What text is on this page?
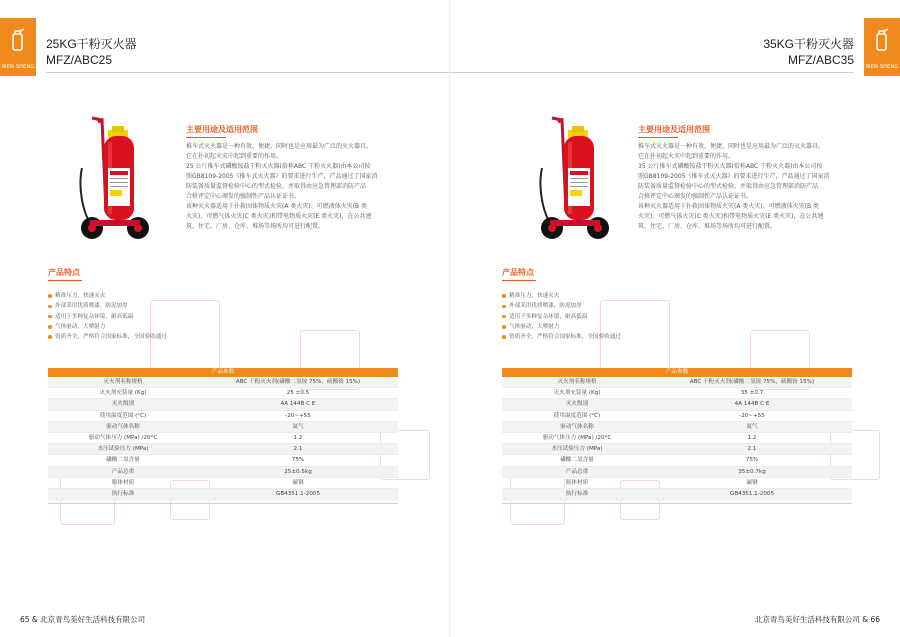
WEN SHENG
25KG干粉灭火器
MFZ/ABC25
主要用途及适用范围
推车式灭火器是一种有效、便捷，同时也是应用最为广泛的灭火器具。
它在扑初起火灾中起到重要的作用。
25 公斤推车式磷酸铵盐干粉灭火器(俗称ABC 干粉灭火器)由本公司按
照GB8109-2005《推车式灭火器》的要求进行生产，产品通过了国家消
防装备质量监督检验中心的型式检验，并取得由应急管理部消防产品
合格评定中心颁发的强制性产品认证证书。
该种灭火器适用于扑救固体物质火灾(A 类火灾)、可燃液体火灾(B 类
火灾)、可燃气体火灾(C 类火灾)和带电物质火灾(E 类火灾)，在公共建
筑、住宅、厂房、仓库、堆场等场所均可进行配置。
产品特点
精准压力，快速灭火
外部采用优质喷漆，防泥加厚
适用于多种复杂环境，耐高低温
气体驱动，大喷射力
资质齐全，严格符合国家标准，全国验收通过
产品参数	
灭火剂名称规格	ABC 干粉灭火剂(磷酸二氢铵 75%，硫酸铵 15%)
灭火剂充装量 (Kg)	25 ±0.5
灭火级别	4A 144B C E
使用温度范围 (°C)	-20~+55
驱动气体名称	氮气
驱动气体压力 (MPa) /20°C	1.2
水压试验压力 (MPa)	2.1
磷酸二氢含量	75%
产品总重	25±0.5kg
瓶体材质	碳钢
执行标准	GB4351.1-2005

65 & 北京青鸟美好生活科技有限公司
WEN SHENG
35KG干粉灭火器
MFZ/ABC35
主要用途及适用范围
推车式灭火器是一种有效、便捷，同时也是应用最为广泛的灭火器具。
它在扑初起火灾中起到重要的作用。
35 公斤推车式磷酸铵盐干粉灭火器(俗称ABC 干粉灭火器)由本公司按
照GB8109-2005《推车式灭火器》的要求进行生产，产品通过了国家消
防装备质量监督检验中心的型式检验，并取得由应急管理部消防产品
合格评定中心颁发的强制性产品认证证书。
该种灭火器适用于扑救固体物质火灾(A 类火灾)、可燃液体火灾(B 类
火灾)、可燃气体火灾(C 类火灾)和带电物质火灾(E 类火灾)，在公共建
筑、住宅、厂房、仓库、堆场等场所均可进行配置。
产品特点
精准压力，快速灭火
外部采用优质喷漆，防泥加厚
适用于多种复杂环境，耐高低温
气体驱动，大喷射力
资质齐全，严格符合国家标准，全国验收通过
产品参数	
灭火剂名称规格	ABC 干粉灭火剂(磷酸二氢铵 75%，硫酸铵 15%)
灭火剂充装量 (Kg)	35 ±0.7
灭火级别	4A 144B C E
使用温度范围 (°C)	-20~+55
驱动气体名称	氮气
驱动气体压力 (MPa) /20°C	1.2
水压试验压力 (MPa)	2.1
磷酸二氢含量	75%
产品总重	35±0.7kg
瓶体材质	碳钢
执行标准	GB4351.1-2005

北京青鸟美好生活科技有限公司 & 66
